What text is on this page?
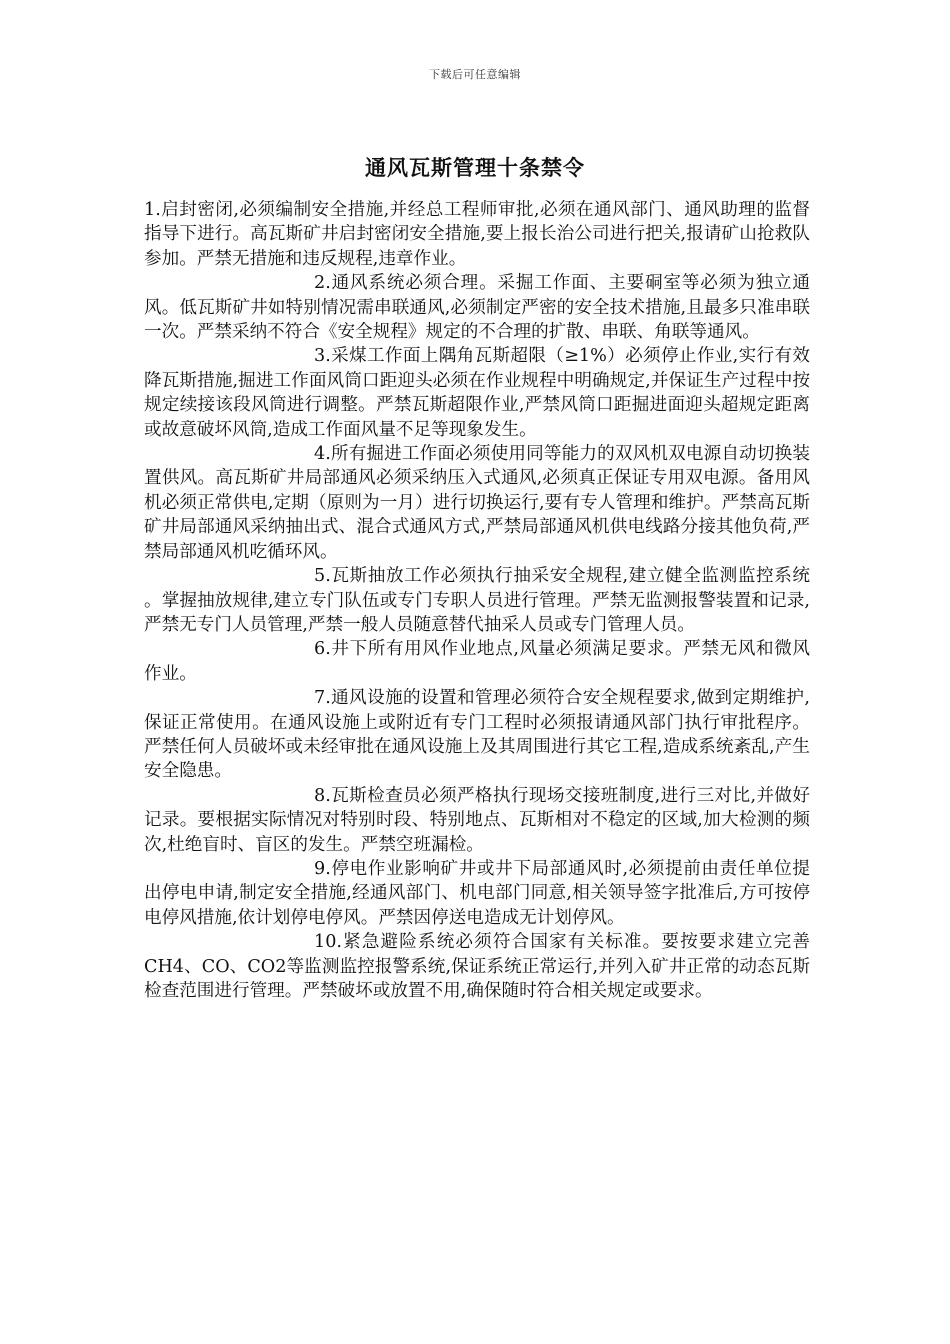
下载后可任意编辑
通风瓦斯管理十条禁令

1.启封密闭,必须编制安全措施,并经总工程师审批,必须在通风部门、通风助理的监督指导下进行。高瓦斯矿井启封密闭安全措施,要上报长治公司进行把关,报请矿山抢救队参加。严禁无措施和违反规程,违章作业。

2.通风系统必须合理。采掘工作面、主要硐室等必须为独立通风。低瓦斯矿井如特别情况需串联通风,必须制定严密的安全技术措施,且最多只准串联一次。严禁采纳不符合《安全规程》规定的不合理的扩散、串联、角联等通风。

3.采煤工作面上隅角瓦斯超限（≥1%）必须停止作业,实行有效降瓦斯措施,掘进工作面风筒口距迎头必须在作业规程中明确规定,并保证生产过程中按规定续接该段风筒进行调整。严禁瓦斯超限作业,严禁风筒口距掘进面迎头超规定距离或故意破坏风筒,造成工作面风量不足等现象发生。

4.所有掘进工作面必须使用同等能力的双风机双电源自动切换装置供风。高瓦斯矿井局部通风必须采纳压入式通风,必须真正保证专用双电源。备用风机必须正常供电,定期（原则为一月）进行切换运行,要有专人管理和维护。严禁高瓦斯矿井局部通风采纳抽出式、混合式通风方式,严禁局部通风机供电线路分接其他负荷,严禁局部通风机吃循环风。

5.瓦斯抽放工作必须执行抽采安全规程,建立健全监测监控系统 。掌握抽放规律,建立专门队伍或专门专职人员进行管理。严禁无监测报警装置和记录,严禁无专门人员管理,严禁一般人员随意替代抽采人员或专门管理人员。

6.井下所有用风作业地点,风量必须满足要求。严禁无风和微风作业。

7.通风设施的设置和管理必须符合安全规程要求,做到定期维护,保证正常使用。在通风设施上或附近有专门工程时必须报请通风部门执行审批程序。严禁任何人员破坏或未经审批在通风设施上及其周围进行其它工程,造成系统紊乱,产生安全隐患。

8.瓦斯检查员必须严格执行现场交接班制度,进行三对比,并做好记录。要根据实际情况对特别时段、特别地点、瓦斯相对不稳定的区域,加大检测的频次,杜绝盲时、盲区的发生。严禁空班漏检。

9.停电作业影响矿井或井下局部通风时,必须提前由责任单位提出停电申请,制定安全措施,经通风部门、机电部门同意,相关领导签字批准后,方可按停电停风措施,依计划停电停风。严禁因停送电造成无计划停风。

10.紧急避险系统必须符合国家有关标准。要按要求建立完善CH4、CO、CO2等监测监控报警系统,保证系统正常运行,并列入矿井正常的动态瓦斯检查范围进行管理。严禁破坏或放置不用,确保随时符合相关规定或要求。
